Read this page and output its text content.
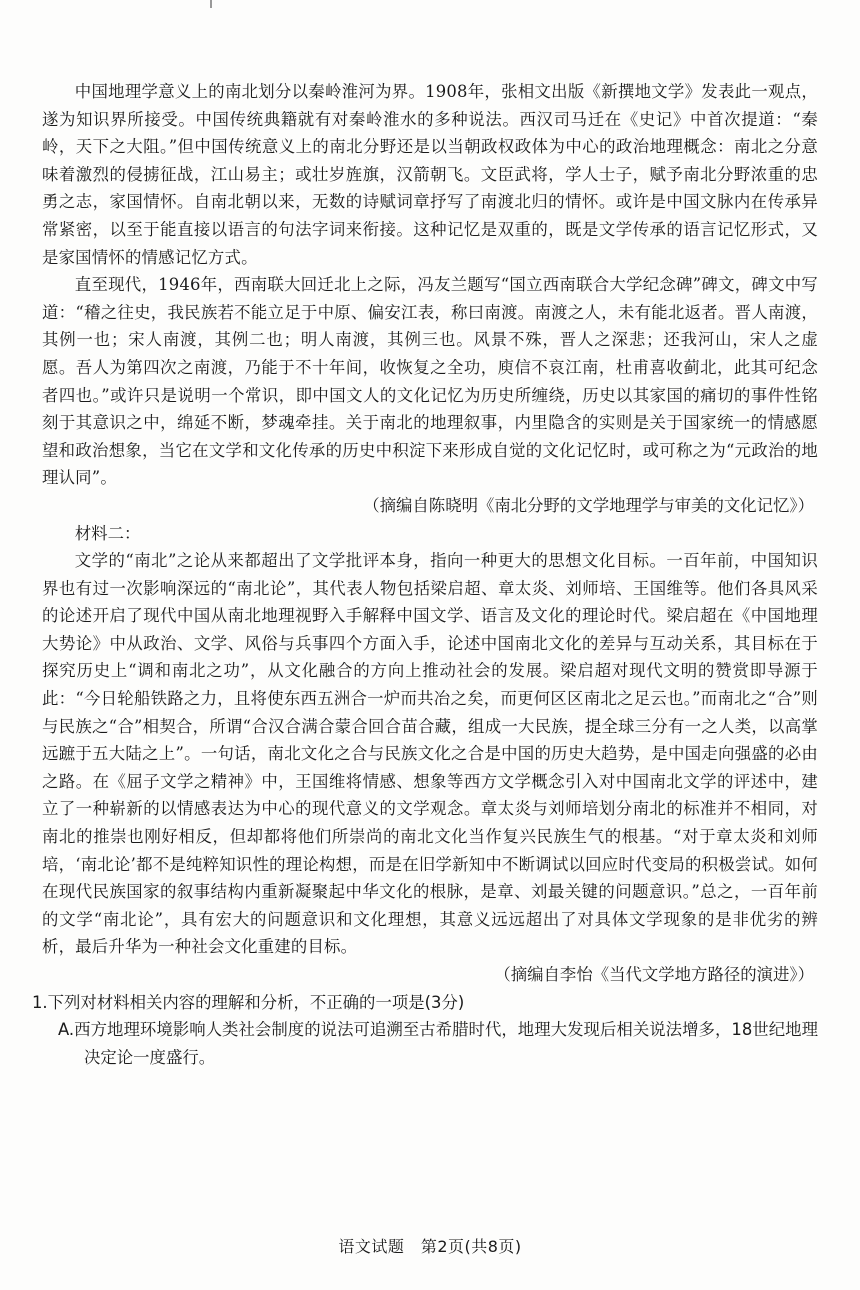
中国地理学意义上的南北划分以秦岭淮河为界。1908年，张相文出版《新撰地文学》发表此一观点，遂为知识界所接受。中国传统典籍就有对秦岭淮水的多种说法。西汉司马迁在《史记》中首次提道：“秦岭，天下之大阻。”但中国传统意义上的南北分野还是以当朝政权政体为中心的政治地理概念：南北之分意味着激烈的侵掳征战，江山易主；或壮岁旌旗，汉箭朝飞。文臣武将，学人士子，赋予南北分野浓重的忠勇之志，家国情怀。自南北朝以来，无数的诗赋词章抒写了南渡北归的情怀。或许是中国文脉内在传承异常紧密，以至于能直接以语言的句法字词来衔接。这种记忆是双重的，既是文学传承的语言记忆形式，又是家国情怀的情感记忆方式。

直至现代，1946年，西南联大回迁北上之际，冯友兰题写“国立西南联合大学纪念碑”碑文，碑文中写道：“稽之往史，我民族若不能立足于中原、偏安江表，称曰南渡。南渡之人，未有能北返者。晋人南渡，其例一也；宋人南渡，其例二也；明人南渡，其例三也。风景不殊，晋人之深悲；还我河山，宋人之虚愿。吾人为第四次之南渡，乃能于不十年间，收恢复之全功，庾信不哀江南，杜甫喜收蓟北，此其可纪念者四也。”或许只是说明一个常识，即中国文人的文化记忆为历史所缠绕，历史以其家国的痛切的事件性铭刻于其意识之中，绵延不断，梦魂牵挂。关于南北的地理叙事，内里隐含的实则是关于国家统一的情感愿望和政治想象，当它在文学和文化传承的历史中积淀下来形成自觉的文化记忆时，或可称之为“元政治的地理认同”。

（摘编自陈晓明《南北分野的文学地理学与审美的文化记忆》）

材料二：

文学的“南北”之论从来都超出了文学批评本身，指向一种更大的思想文化目标。一百年前，中国知识界也有过一次影响深远的“南北论”，其代表人物包括梁启超、章太炎、刘师培、王国维等。他们各具风采的论述开启了现代中国从南北地理视野入手解释中国文学、语言及文化的理论时代。梁启超在《中国地理大势论》中从政治、文学、风俗与兵事四个方面入手，论述中国南北文化的差异与互动关系，其目标在于探究历史上“调和南北之功”，从文化融合的方向上推动社会的发展。梁启超对现代文明的赞赏即导源于此：“今日轮船铁路之力，且将使东西五洲合一炉而共冶之矣，而更何区区南北之足云也。”而南北之“合”则与民族之“合”相契合，所谓“合汉合满合蒙合回合苗合藏，组成一大民族，提全球三分有一之人类，以高掌远蹠于五大陆之上”。一句话，南北文化之合与民族文化之合是中国的历史大趋势，是中国走向强盛的必由之路。在《屈子文学之精神》中，王国维将情感、想象等西方文学概念引入对中国南北文学的评述中，建立了一种崭新的以情感表达为中心的现代意义的文学观念。章太炎与刘师培划分南北的标准并不相同，对南北的推崇也刚好相反，但却都将他们所崇尚的南北文化当作复兴民族生气的根基。“对于章太炎和刘师培，‘南北论’都不是纯粹知识性的理论构想，而是在旧学新知中不断调试以回应时代变局的积极尝试。如何在现代民族国家的叙事结构内重新凝聚起中华文化的根脉，是章、刘最关键的问题意识。”总之，一百年前的文学“南北论”，具有宏大的问题意识和文化理想，其意义远远超出了对具体文学现象的是非优劣的辨析，最后升华为一种社会文化重建的目标。

（摘编自李怡《当代文学地方路径的演进》）

1.下列对材料相关内容的理解和分析，不正确的一项是(3分)

A.西方地理环境影响人类社会制度的说法可追溯至古希腊时代，地理大发现后相关说法增多，18世纪地理决定论一度盛行。

语文试题　第2页(共8页)
